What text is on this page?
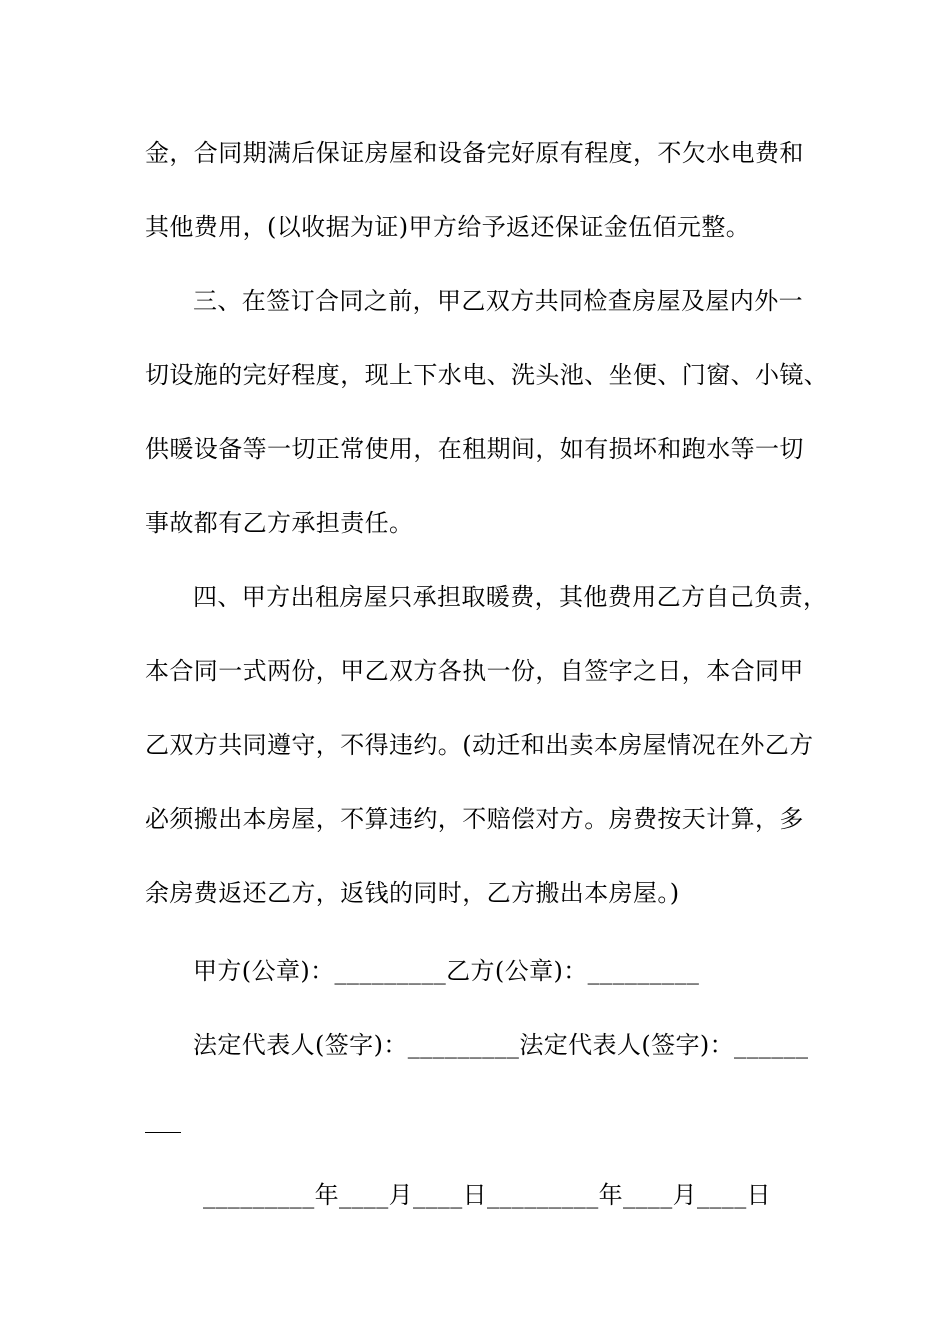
金，合同期满后保证房屋和设备完好原有程度，不欠水电费和
其他费用，(以收据为证)甲方给予返还保证金伍佰元整。
三、在签订合同之前，甲乙双方共同检查房屋及屋内外一
切设施的完好程度，现上下水电、洗头池、坐便、门窗、小镜、
供暖设备等一切正常使用，在租期间，如有损坏和跑水等一切
事故都有乙方承担责任。
四、甲方出租房屋只承担取暖费，其他费用乙方自己负责，
本合同一式两份，甲乙双方各执一份，自签字之日，本合同甲
乙双方共同遵守，不得违约。(动迁和出卖本房屋情况在外乙方
必须搬出本房屋，不算违约，不赔偿对方。房费按天计算，多
余房费返还乙方，返钱的同时，乙方搬出本房屋。)
甲方(公章)：_________乙方(公章)：_________
法定代表人(签字)：_________法定代表人(签字)：______
_________年____月____日_________年____月____日
